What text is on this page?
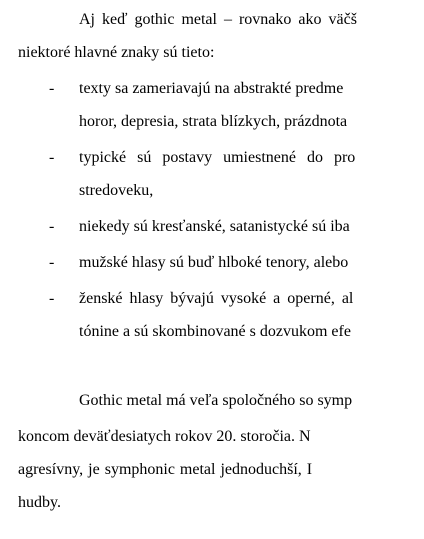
Aj keď gothic metal – rovnako ako väčš
niektoré hlavné znaky sú tieto:
- texty sa zameriavajú na abstrakté predme
horor, depresia, strata blízkych, prázdnota
- typické sú postavy umiestnené do pro
stredoveku,
- niekedy sú kresťanské, satanistycké sú iba
- mužské hlasy sú buď hlboké tenory, alebo
- ženské hlasy bývajú vysoké a operné, al
tónine a sú skombinované s dozvukom efe
Gothic metal má veľa spoločného so symp
koncom deväťdesiatych rokov 20. storočia. N
agresívny, je symphonic metal jednoduchší, I
hudby.
